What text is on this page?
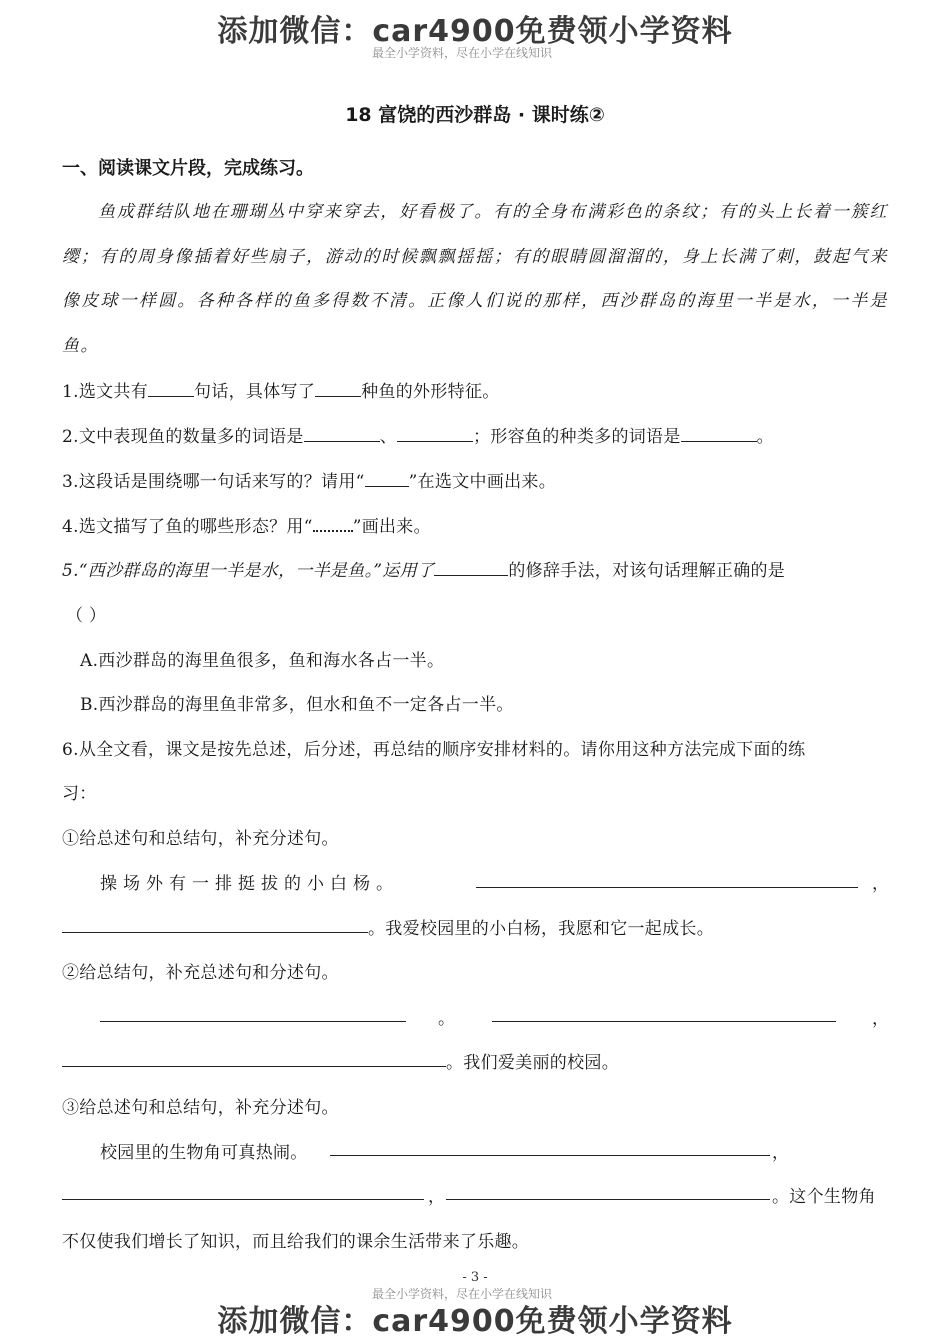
添加微信：car4900免费领小学资料
最全小学资料，尽在小学在线知识
18 富饶的西沙群岛 · 课时练②
一、阅读课文片段，完成练习。
鱼成群结队地在珊瑚丛中穿来穿去，好看极了。有的全身布满彩色的条纹；有的头上长着一簇红缨；有的周身像插着好些扇子，游动的时候飘飘摇摇；有的眼睛圆溜溜的，身上长满了刺，鼓起气来像皮球一样圆。各种各样的鱼多得数不清。正像人们说的那样，西沙群岛的海里一半是水，一半是鱼。
1.选文共有	句话，具体写了	种鱼的外形特征。
2.文中表现鱼的数量多的词语是	、	；形容鱼的种类多的词语是	。
3.这段话是围绕哪一句话来写的？请用“	”在选文中画出来。
4.选文描写了鱼的哪些形态？用“ ”画出来。
5.“西沙群岛的海里一半是水，一半是鱼。”运用了	的修辞手法，对该句话理解正确的是
（ ）
A.西沙群岛的海里鱼很多，鱼和海水各占一半。
B.西沙群岛的海里鱼非常多，但水和鱼不一定各占一半。
6.从全文看，课文是按先总述，后分述，再总结的顺序安排材料的。请你用这种方法完成下面的练
习：
①给总述句和总结句，补充分述句。
操 场 外 有 一 排 挺 拔 的 小 白 杨 。	，
。我爱校园里的小白杨，我愿和它一起成长。
②给总结句，补充总述句和分述句。
。	，
。我们爱美丽的校园。
③给总述句和总结句，补充分述句。
校园里的生物角可真热闹。	，
，	。这个生物角
不仅使我们增长了知识，而且给我们的课余生活带来了乐趣。
- 3 -
最全小学资料，尽在小学在线知识
添加微信：car4900免费领小学资料
